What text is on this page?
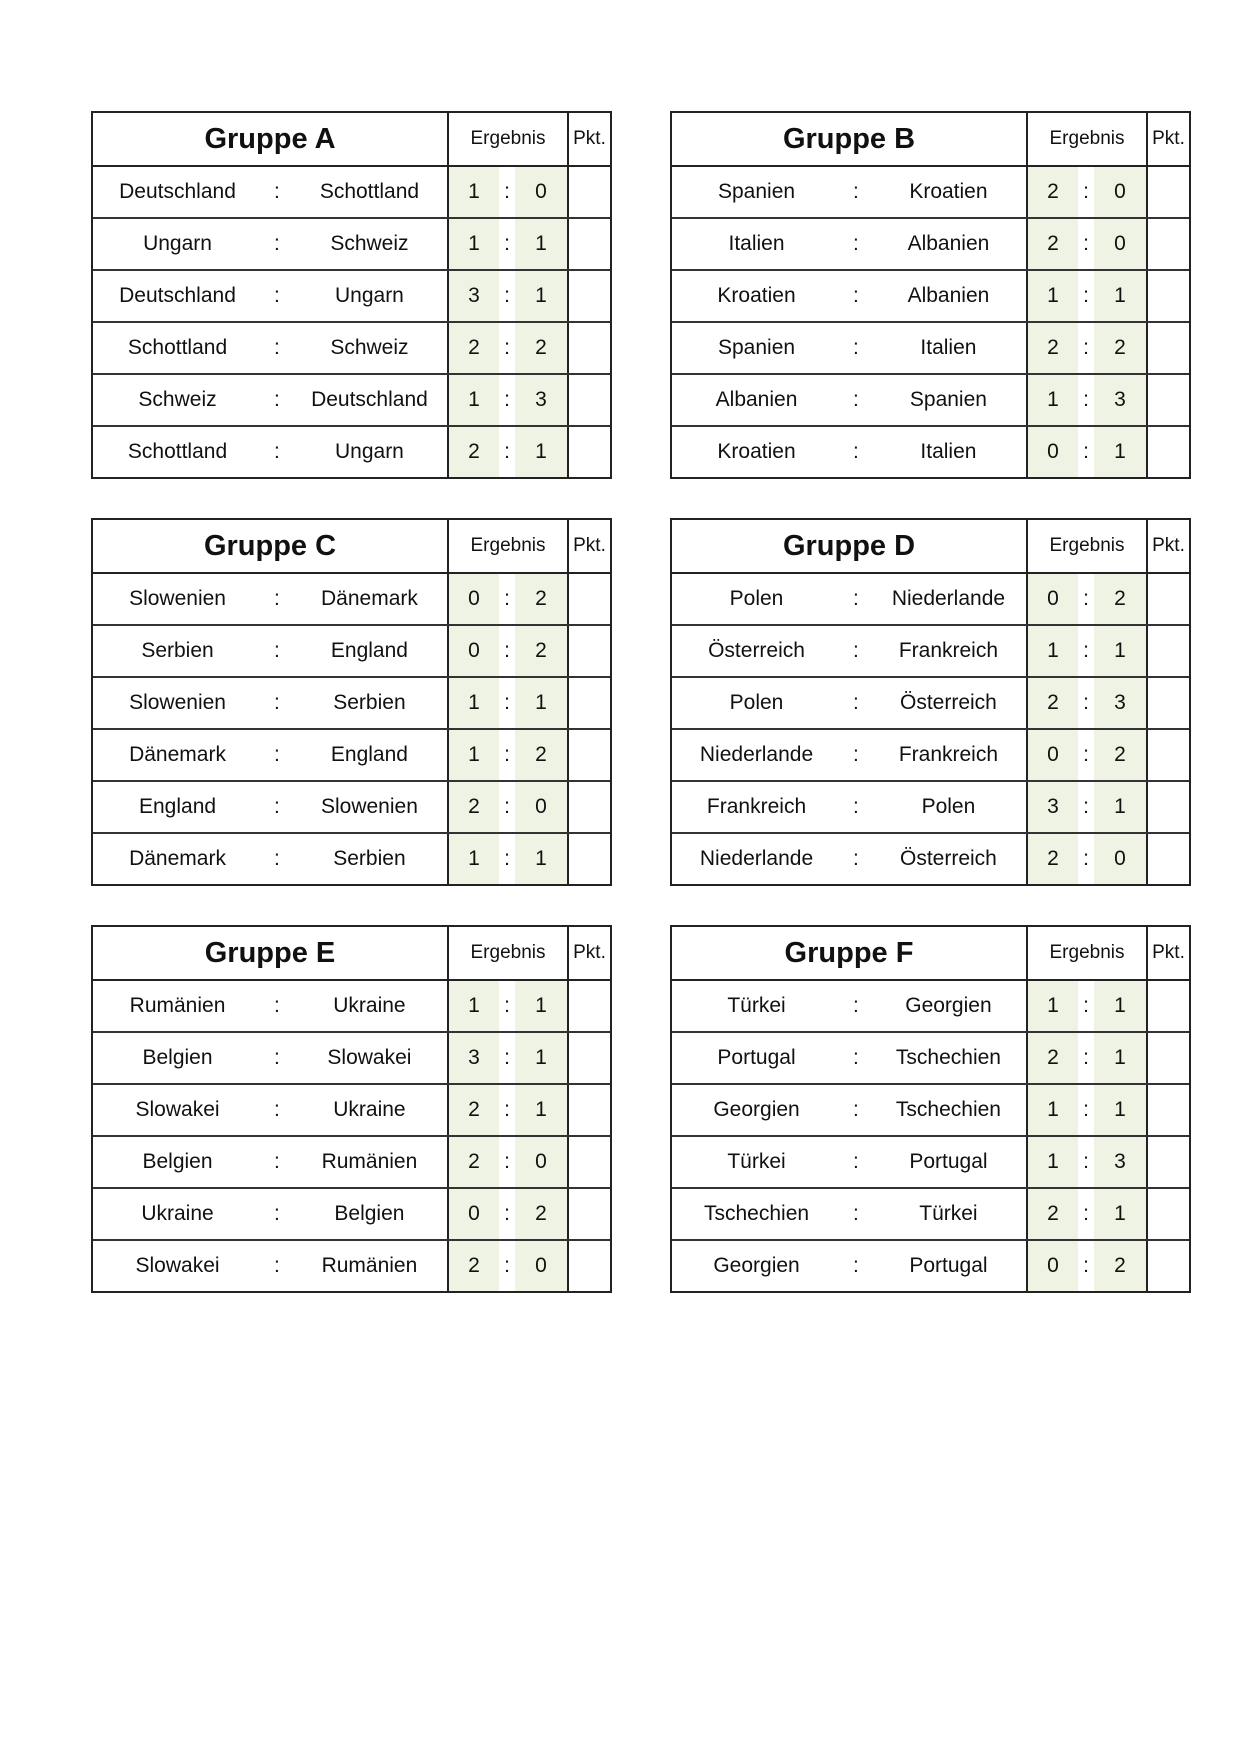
Gruppe A	Ergebnis	Pkt.
Deutschland	:	Schottland	1	:	0
Ungarn	:	Schweiz	1	:	1
Deutschland	:	Ungarn	3	:	1
Schottland	:	Schweiz	2	:	2
Schweiz	:	Deutschland	1	:	3
Schottland	:	Ungarn	2	:	1
Gruppe B	Ergebnis	Pkt.
Spanien	:	Kroatien	2	:	0
Italien	:	Albanien	2	:	0
Kroatien	:	Albanien	1	:	1
Spanien	:	Italien	2	:	2
Albanien	:	Spanien	1	:	3
Kroatien	:	Italien	0	:	1
Gruppe C	Ergebnis	Pkt.
Slowenien	:	Dänemark	0	:	2
Serbien	:	England	0	:	2
Slowenien	:	Serbien	1	:	1
Dänemark	:	England	1	:	2
England	:	Slowenien	2	:	0
Dänemark	:	Serbien	1	:	1
Gruppe D	Ergebnis	Pkt.
Polen	:	Niederlande	0	:	2
Österreich	:	Frankreich	1	:	1
Polen	:	Österreich	2	:	3
Niederlande	:	Frankreich	0	:	2
Frankreich	:	Polen	3	:	1
Niederlande	:	Österreich	2	:	0
Gruppe E	Ergebnis	Pkt.
Rumänien	:	Ukraine	1	:	1
Belgien	:	Slowakei	3	:	1
Slowakei	:	Ukraine	2	:	1
Belgien	:	Rumänien	2	:	0
Ukraine	:	Belgien	0	:	2
Slowakei	:	Rumänien	2	:	0
Gruppe F	Ergebnis	Pkt.
Türkei	:	Georgien	1	:	1
Portugal	:	Tschechien	2	:	1
Georgien	:	Tschechien	1	:	1
Türkei	:	Portugal	1	:	3
Tschechien	:	Türkei	2	:	1
Georgien	:	Portugal	0	:	2
